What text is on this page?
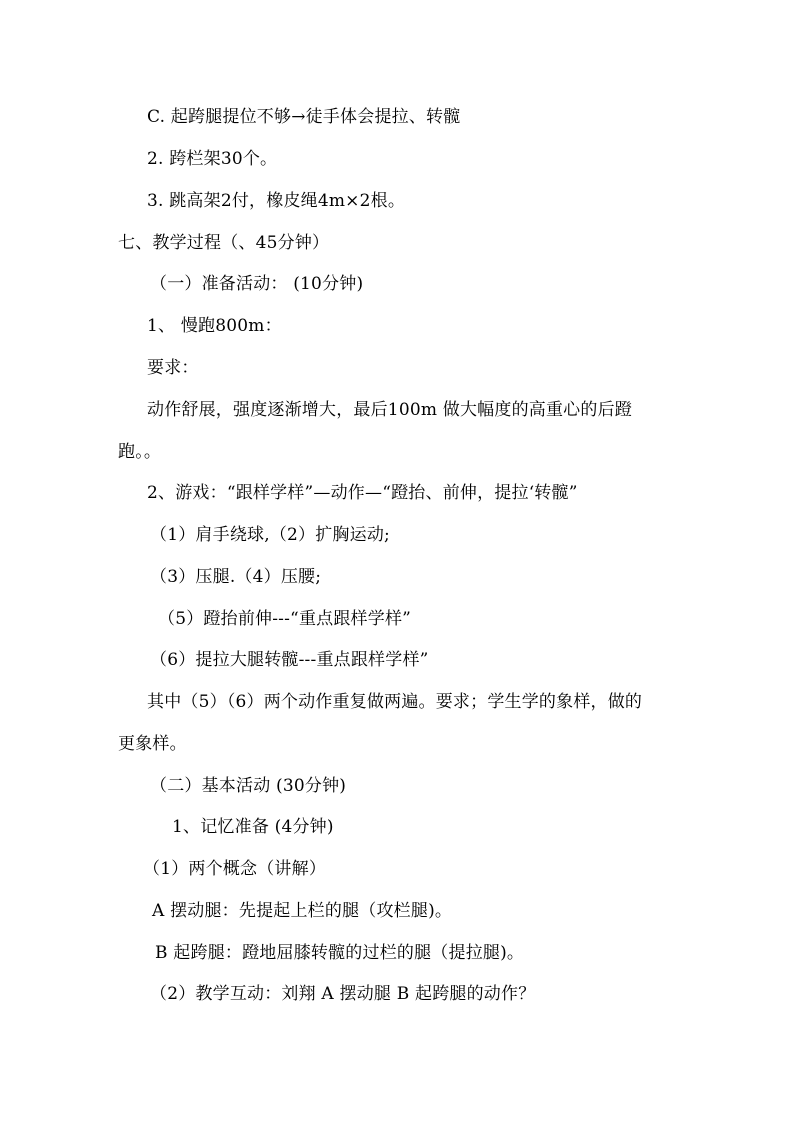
C. 起跨腿提位不够→徒手体会提拉、转髋
2. 跨栏架30个。
3. 跳高架2付，橡皮绳4m×2根。
七、教学过程（、45分钟）
（一）准备活动： (10分钟)
1、 慢跑800m：
要求：
动作舒展，强度逐渐增大，最后100m 做大幅度的高重心的后蹬
跑。。
2、游戏：“跟样学样”—动作—“蹬抬、前伸，提拉‘转髋”
（1）肩手绕球,（2）扩胸运动;
（3）压腿.（4）压腰;
（5）蹬抬前伸---“重点跟样学样”
（6）提拉大腿转髋---重点跟样学样”
其中（5）（6）两个动作重复做两遍。要求；学生学的象样，做的
更象样。
（二）基本活动 (30分钟)
1、记忆准备 (4分钟)
（1）两个概念（讲解）
A 摆动腿：先提起上栏的腿（攻栏腿)。
B 起跨腿：蹬地屈膝转髋的过栏的腿（提拉腿)。
（2）教学互动：刘翔 A 摆动腿 B 起跨腿的动作？
